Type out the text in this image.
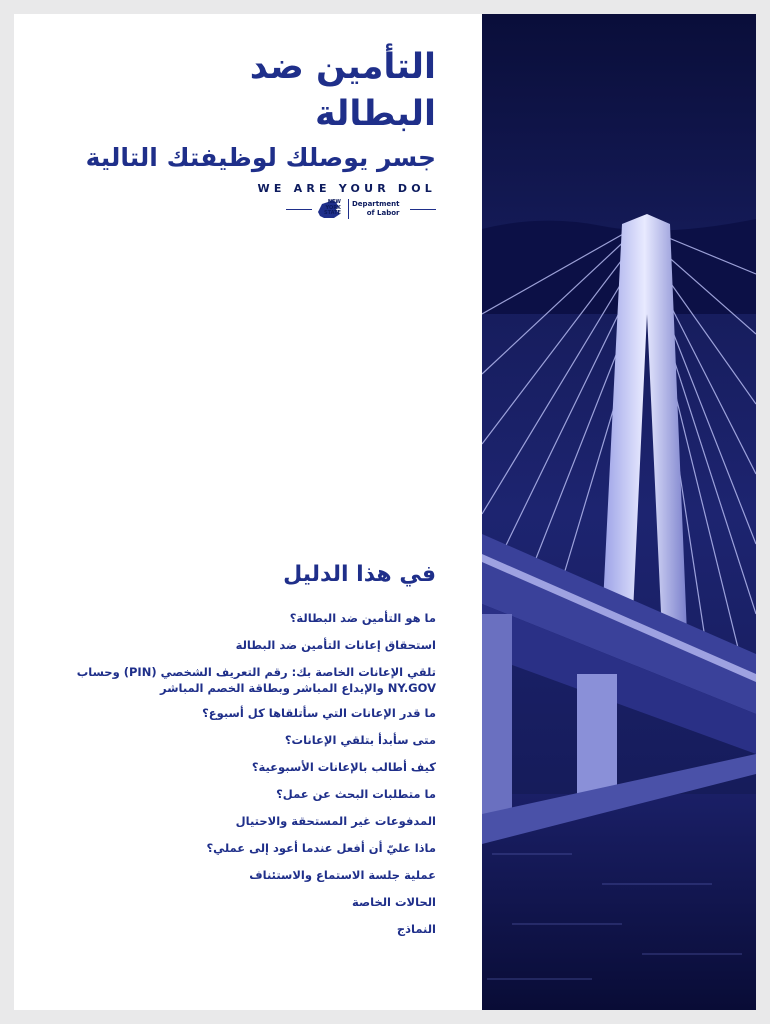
التأمين ضد
البطالة
جسر يوصلك لوظيفتك التالية
WE ARE YOUR DOL
NEW
YORK
STATE
Department
of Labor
في هذا الدليل
ما هو التأمين ضد البطالة؟
استحقاق إعانات التأمين ضد البطالة
تلقي الإعانات الخاصة بك: رقم التعريف الشخصي (PIN) وحساب NY.GOV والإيداع المباشر وبطاقة الخصم المباشر
ما قدر الإعانات التي سأتلقاها كل أسبوع؟
متى سأبدأ بتلقي الإعانات؟
كيف أطالب بالإعانات الأسبوعية؟
ما متطلبات البحث عن عمل؟
المدفوعات غير المستحقة والاحتيال
ماذا عليّ أن أفعل عندما أعود إلى عملي؟
عملية جلسة الاستماع والاستئناف
الحالات الخاصة
النماذج
